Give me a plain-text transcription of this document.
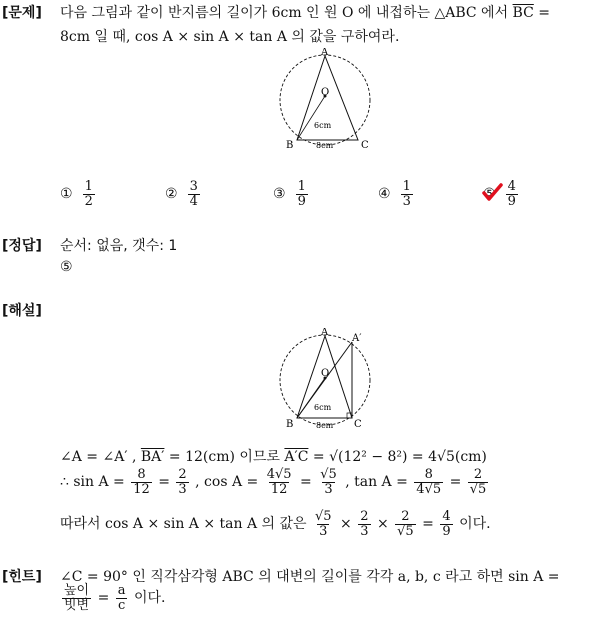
[문제] 다음 그림과 같이 반지름의 길이가 6cm 인 원 O 에 내접하는 △ABC 에서 $\overline{BC}$ =
8cm 일 때, cos A × sin A × tan A 의 값을 구하여라.
A
O
B	C
6cm
8cm
① $\frac{1}{2}$	② $\frac{3}{4}$	③ $\frac{1}{9}$	④ $\frac{1}{3}$	⑤ $\frac{4}{9}$
[정답] 순서: 없음, 갯수: 1
⑤
[해설]
A
A′
O
B	C
6cm
8cm
∠A = ∠A′ , BA′ = 12(cm) 이므로 A′C = √(12² − 8²) = 4√5(cm)
∴ $\sin A = \frac{8}{12} = \frac{2}{3}$ , $\cos A = \frac{4√5}{12} = \frac{√5}{3}$ , $\tan A = \frac{8}{4√5} = \frac{2}{√5}$
따라서 cos A × sin A × tan A 의 값은 $\frac{√5}{3} \times \frac{2}{3} \times \frac{2}{√5} = \frac{4}{9}$ 이다.
[힌트] ∠C = 90° 인 직각삼각형 ABC 의 대변의 길이를 각각 a, b, c 라고 하면 sin A =
$\frac{\text{높이}}{\text{빗변}} = \frac{a}{c}$ 이다.
